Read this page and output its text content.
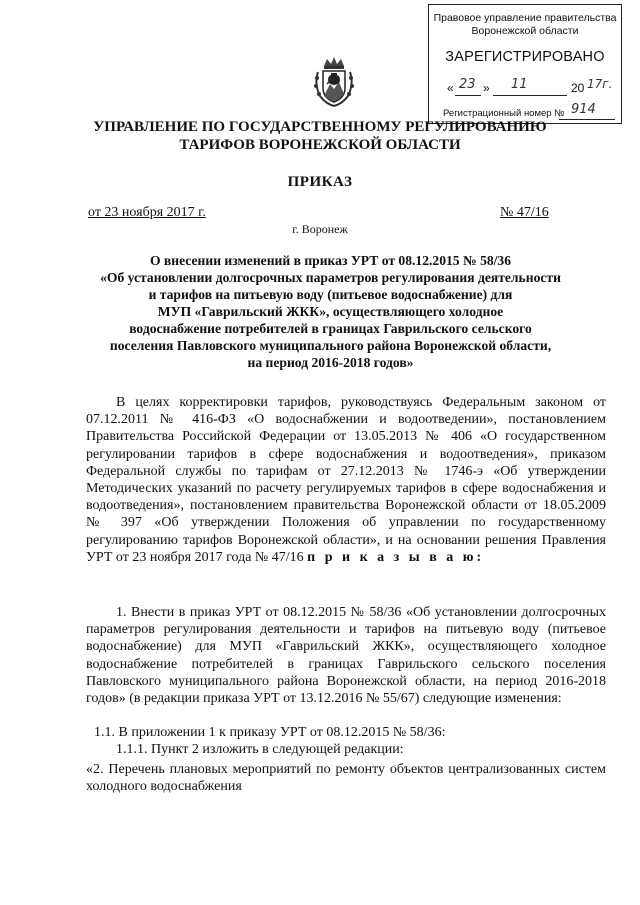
Правовое управление правительства
Воронежской области
ЗАРЕГИСТРИРОВАНО
« 23 » 11	20 17г.
Регистрационный номер № 914
УПРАВЛЕНИЕ ПО ГОСУДАРСТВЕННОМУ РЕГУЛИРОВАНИЮ
ТАРИФОВ ВОРОНЕЖСКОЙ ОБЛАСТИ
ПРИКАЗ
от 23 ноября 2017 г.	№ 47/16
г. Воронеж
О внесении изменений в приказ УРТ от 08.12.2015 № 58/36
«Об установлении долгосрочных параметров регулирования деятельности
и тарифов на питьевую воду (питьевое водоснабжение) для
МУП «Гаврильский ЖКК», осуществляющего холодное
водоснабжение потребителей в границах Гаврильского сельского
поселения Павловского муниципального района Воронежской области,
на период 2016-2018 годов»
В целях корректировки тарифов, руководствуясь Федеральным законом от 07.12.2011 № 416-ФЗ «О водоснабжении и водоотведении», постановлением Правительства Российской Федерации от 13.05.2013 № 406 «О государственном регулировании тарифов в сфере водоснабжения и водоотведения», приказом Федеральной службы по тарифам от 27.12.2013 № 1746-э «Об утверждении Методических указаний по расчету регулируемых тарифов в сфере водоснабжения и водоотведения», постановлением правительства Воронежской области от 18.05.2009 № 397 «Об утверждении Положения об управлении по государственному регулированию тарифов Воронежской области», и на основании решения Правления УРТ от 23 ноября 2017 года № 47/16 п р и к а з ы в а ю:
1. Внести в приказ УРТ от 08.12.2015 № 58/36 «Об установлении долгосрочных параметров регулирования деятельности и тарифов на питьевую воду (питьевое водоснабжение) для МУП «Гаврильский ЖКК», осуществляющего холодное водоснабжение потребителей в границах Гаврильского сельского поселения Павловского муниципального района Воронежской области, на период 2016-2018 годов» (в редакции приказа УРТ от 13.12.2016 № 55/67) следующие изменения:
1.1. В приложении 1 к приказу УРТ от 08.12.2015 № 58/36:
1.1.1. Пункт 2 изложить в следующей редакции:
«2. Перечень плановых мероприятий по ремонту объектов централизованных систем холодного водоснабжения
